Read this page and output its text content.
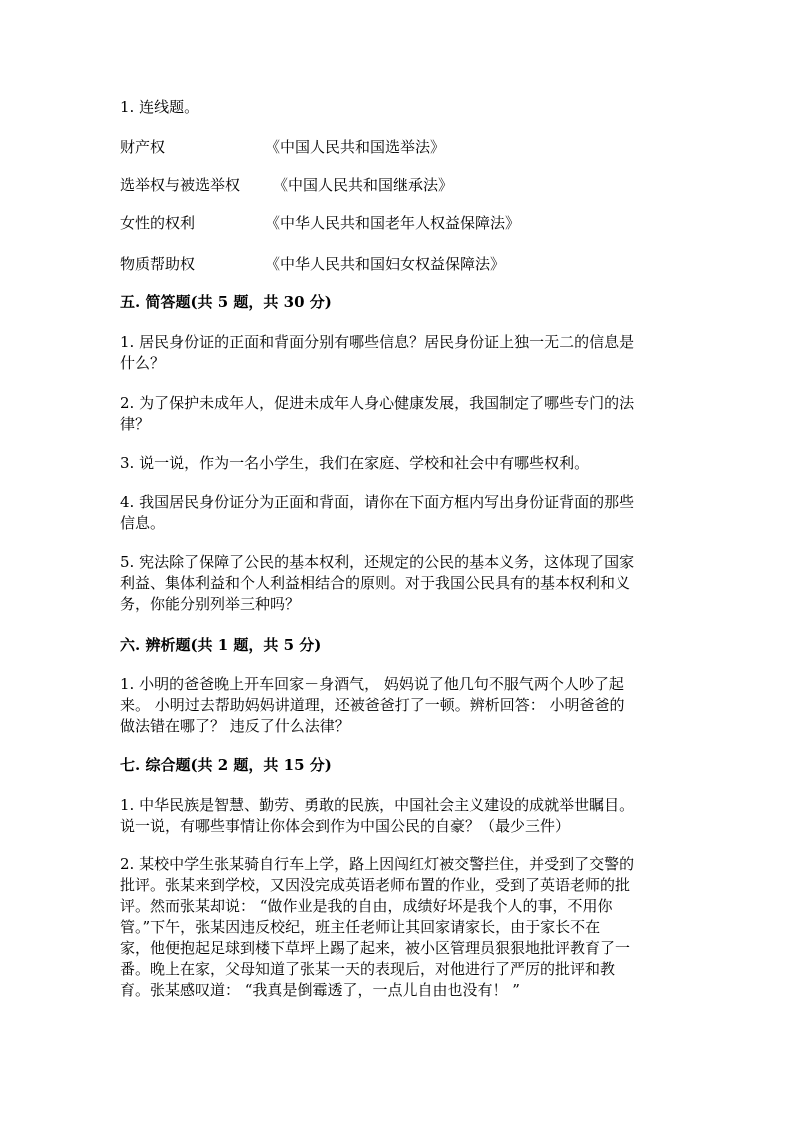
1. 连线题。
财产权	《中国人民共和国选举法》
选举权与被选举权 《中国人民共和国继承法》
女性的权利	《中华人民共和国老年人权益保障法》
物质帮助权	《中华人民共和国妇女权益保障法》
五. 简答题(共 5 题，共 30 分)
1. 居民身份证的正面和背面分别有哪些信息？居民身份证上独一无二的信息是
什么？
2. 为了保护未成年人，促进未成年人身心健康发展，我国制定了哪些专门的法
律？
3. 说一说，作为一名小学生，我们在家庭、学校和社会中有哪些权利。
4. 我国居民身份证分为正面和背面，请你在下面方框内写出身份证背面的那些
信息。
5. 宪法除了保障了公民的基本权利，还规定的公民的基本义务，这体现了国家
利益、集体利益和个人利益相结合的原则。对于我国公民具有的基本权利和义
务，你能分别列举三种吗？
六. 辨析题(共 1 题，共 5 分)
1. 小明的爸爸晚上开车回家－身酒气， 妈妈说了他几句不服气两个人吵了起
来。 小明过去帮助妈妈讲道理，还被爸爸打了一顿。辨析回答： 小明爸爸的
做法错在哪了？ 违反了什么法律？
七. 综合题(共 2 题，共 15 分)
1. 中华民族是智慧、勤劳、勇敢的民族，中国社会主义建设的成就举世瞩目。
说一说，有哪些事情让你体会到作为中国公民的自豪？（最少三件）
2. 某校中学生张某骑自行车上学，路上因闯红灯被交警拦住，并受到了交警的
批评。张某来到学校，又因没完成英语老师布置的作业，受到了英语老师的批
评。然而张某却说： “做作业是我的自由，成绩好坏是我个人的事，不用你
管。”下午，张某因违反校纪，班主任老师让其回家请家长，由于家长不在
家，他便抱起足球到楼下草坪上踢了起来，被小区管理员狠狠地批评教育了一
番。晚上在家，父母知道了张某一天的表现后，对他进行了严厉的批评和教
育。张某感叹道： “我真是倒霉透了，一点儿自由也没有！ ”
